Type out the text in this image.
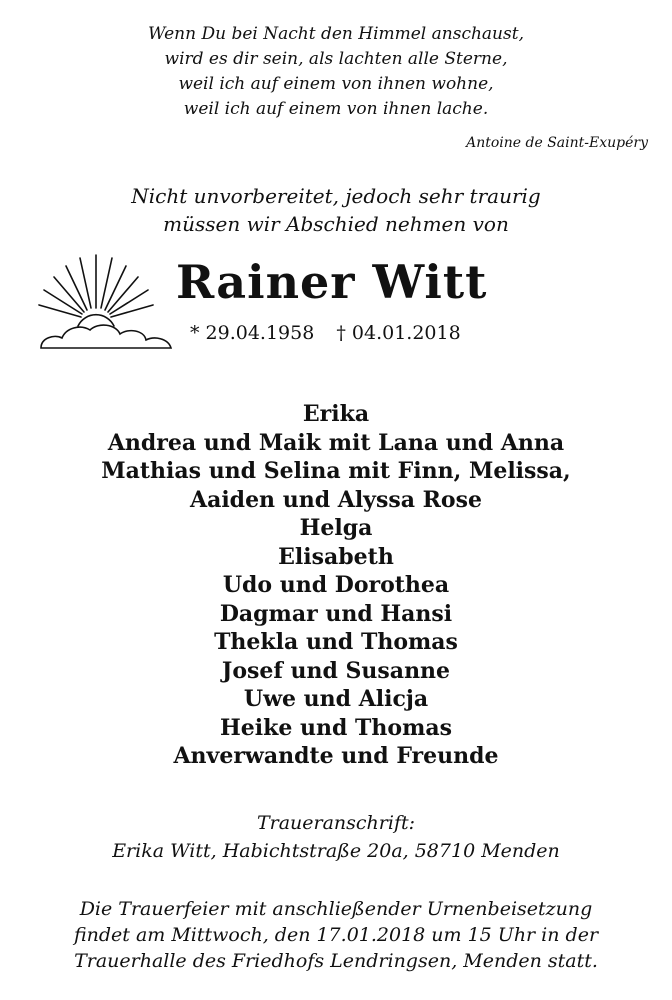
Wenn Du bei Nacht den Himmel anschaust,
wird es dir sein, als lachten alle Sterne,
weil ich auf einem von ihnen wohne,
weil ich auf einem von ihnen lache.
Antoine de Saint-Exupéry
Nicht unvorbereitet, jedoch sehr traurig
müssen wir Abschied nehmen von
Rainer Witt
* 29.04.1958 † 04.01.2018
Erika
Andrea und Maik mit Lana und Anna
Mathias und Selina mit Finn, Melissa,
Aaiden und Alyssa Rose
Helga
Elisabeth
Udo und Dorothea
Dagmar und Hansi
Thekla und Thomas
Josef und Susanne
Uwe und Alicja
Heike und Thomas
Anverwandte und Freunde
Traueranschrift:
Erika Witt, Habichtstraße 20a, 58710 Menden
Die Trauerfeier mit anschließender Urnenbeisetzung
findet am Mittwoch, den 17.01.2018 um 15 Uhr in der
Trauerhalle des Friedhofs Lendringsen, Menden statt.
